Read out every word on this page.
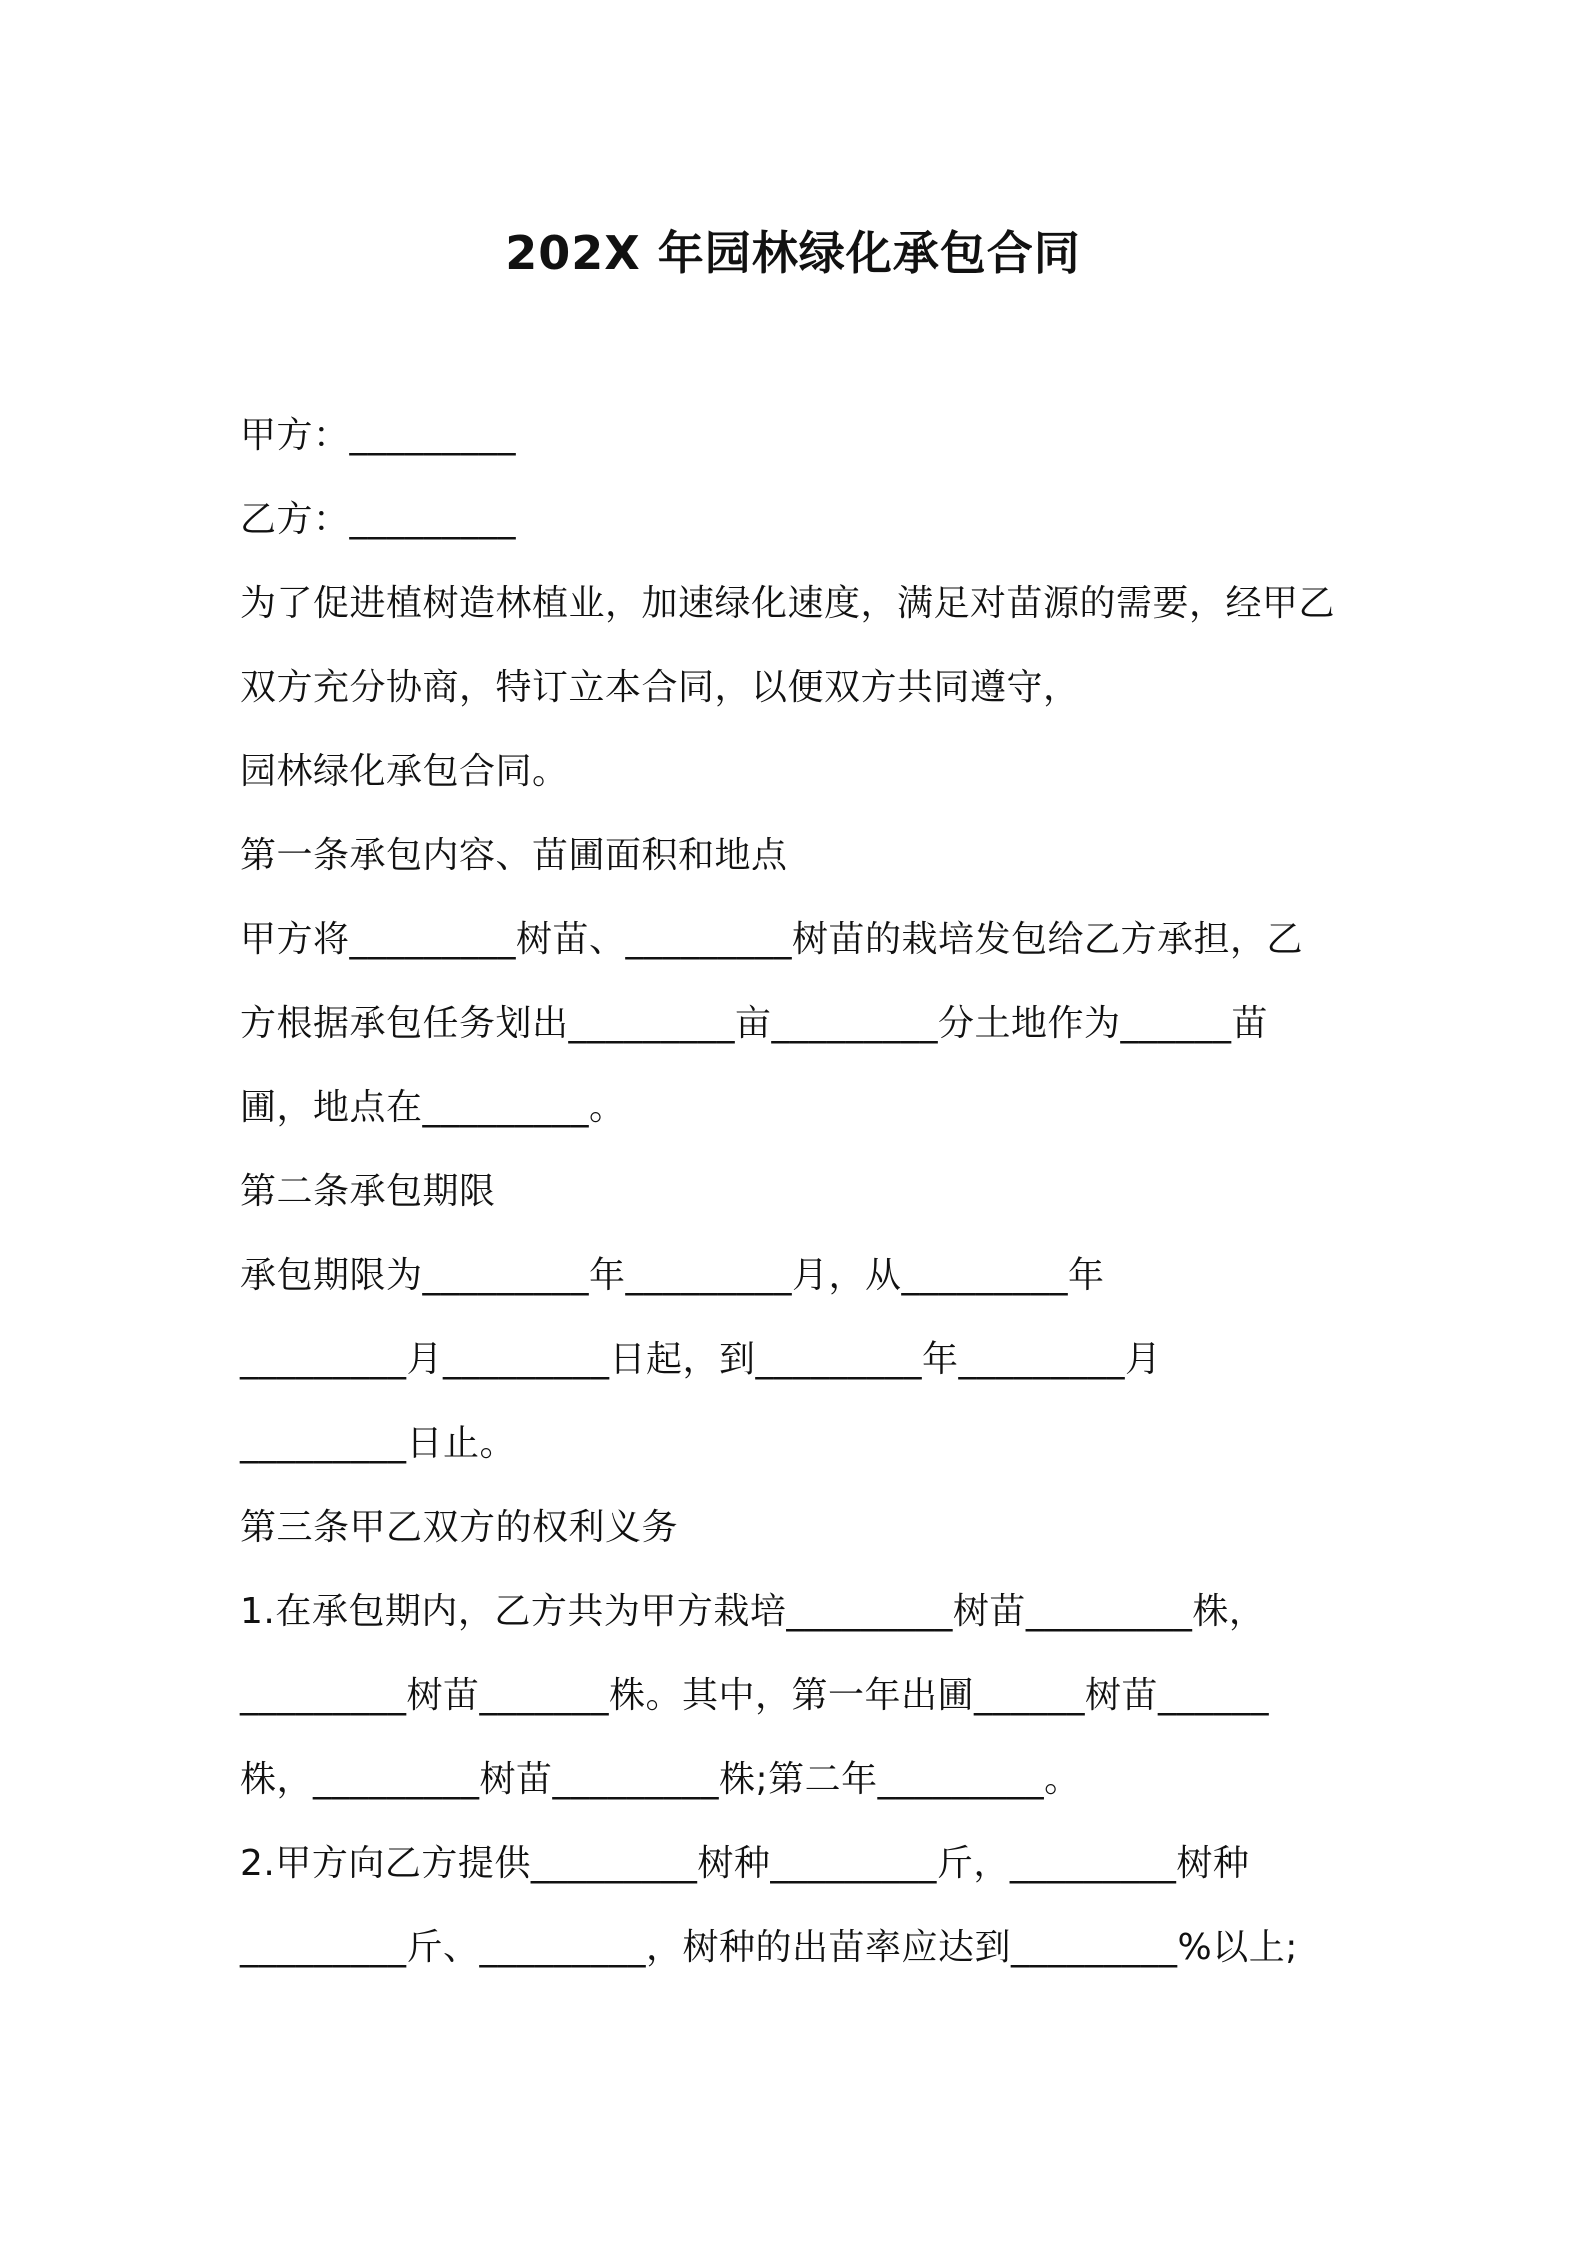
202X 年园林绿化承包合同
甲方：_________
乙方：_________
为了促进植树造林植业，加速绿化速度，满足对苗源的需要，经甲乙
双方充分协商，特订立本合同，以便双方共同遵守，
园林绿化承包合同。
第一条承包内容、苗圃面积和地点
甲方将_________树苗、_________树苗的栽培发包给乙方承担，乙
方根据承包任务划出_________亩_________分土地作为______苗
圃，地点在_________。
第二条承包期限
承包期限为_________年_________月，从_________年
_________月_________日起，到_________年_________月
_________日止。
第三条甲乙双方的权利义务
1.在承包期内，乙方共为甲方栽培_________树苗_________株，
_________树苗_______株。其中，第一年出圃______树苗______
株，_________树苗_________株;第二年_________。
2.甲方向乙方提供_________树种_________斤，_________树种
_________斤、_________，树种的出苗率应达到_________%以上;
